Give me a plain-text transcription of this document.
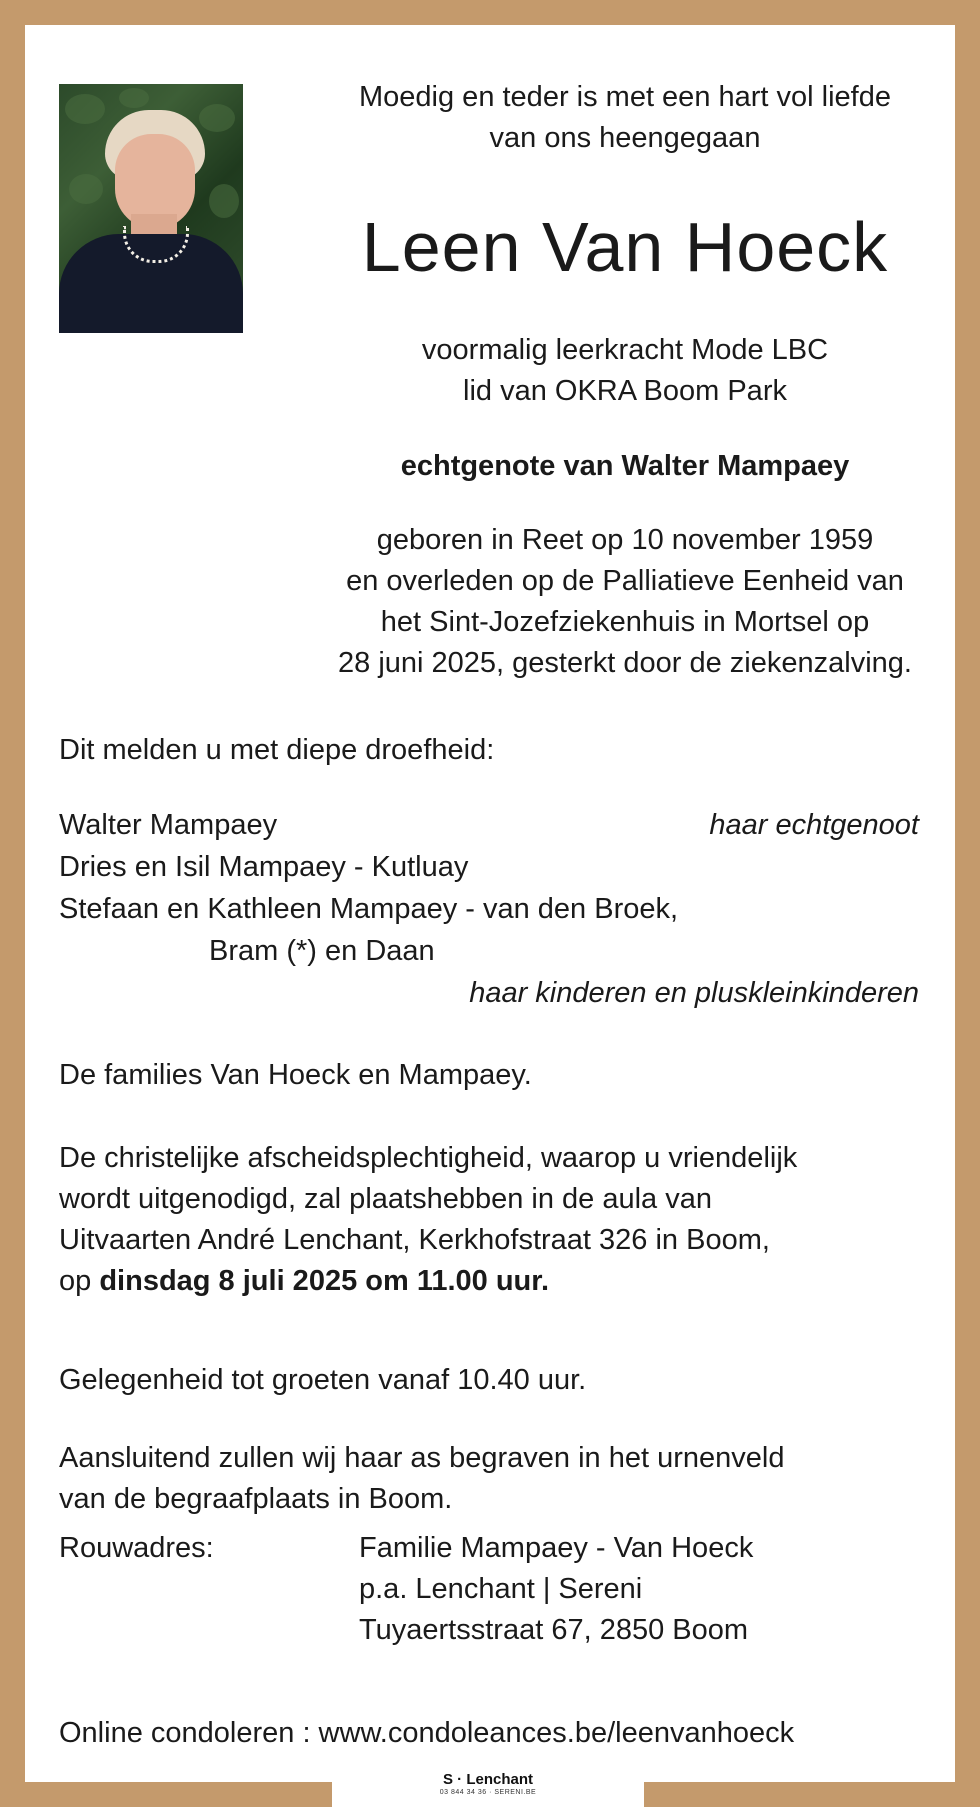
Moedig en teder is met een hart vol liefde
van ons heengegaan
Leen Van Hoeck
voormalig leerkracht Mode LBC
lid van OKRA Boom Park
echtgenote van Walter Mampaey
geboren in Reet op 10 november 1959
en overleden op de Palliatieve Eenheid van
het Sint-Jozefziekenhuis in Mortsel op
28 juni 2025, gesterkt door de ziekenzalving.
Dit melden u met diepe droefheid:
Walter Mampaey	haar echtgenoot
Dries en Isil Mampaey - Kutluay
Stefaan en Kathleen Mampaey - van den Broek,
Bram (*) en Daan
haar kinderen en pluskleinkinderen
De families Van Hoeck en Mampaey.
De christelijke afscheidsplechtigheid, waarop u vriendelijk
wordt uitgenodigd, zal plaatshebben in de aula van
Uitvaarten André Lenchant, Kerkhofstraat 326 in Boom,
op dinsdag 8 juli 2025 om 11.00 uur.
Gelegenheid tot groeten vanaf 10.40 uur.
Aansluitend zullen wij haar as begraven in het urnenveld
van de begraafplaats in Boom.
Rouwadres:	Familie Mampaey - Van Hoeck
p.a. Lenchant | Sereni
Tuyaertsstraat 67, 2850 Boom
Online condoleren : www.condoleances.be/leenvanhoeck
S · Lenchant
03 844 34 36 · SERENI.BE
